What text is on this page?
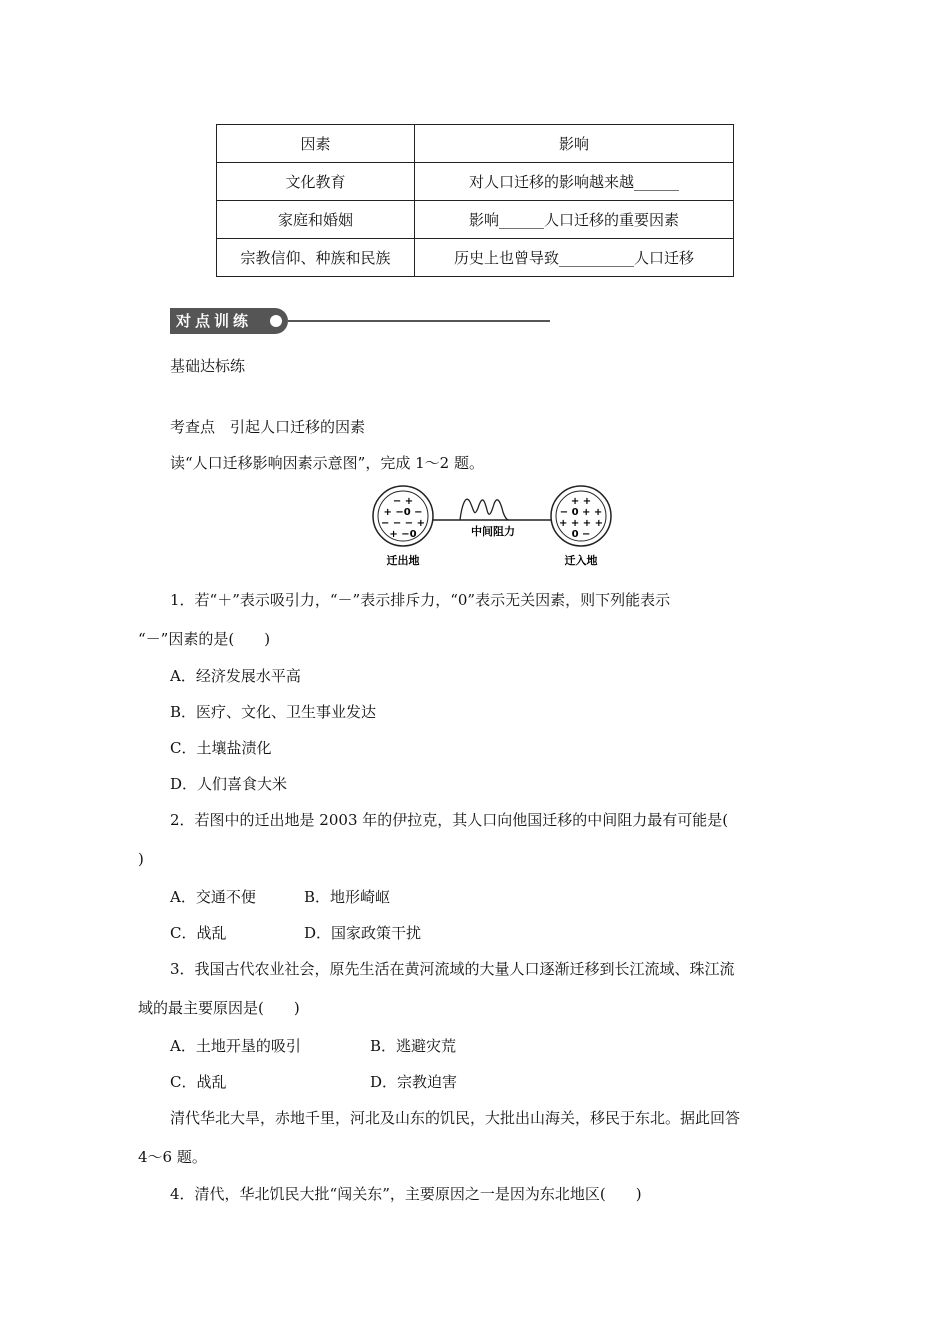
因素	影响
文化教育	对人口迁移的影响越来越______
家庭和婚姻	影响______人口迁移的重要因素
宗教信仰、种族和民族	历史上也曾导致__________人口迁移
对点训练
基础达标练
考查点　引起人口迁移的因素
读“人口迁移影响因素示意图”，完成 1～2 题。
− +
+ −0 −
− − − +
+ −0
+ +
− 0 + +
+ + + +
0 −
中间阻力
迁出地	迁入地
1．若“＋”表示吸引力，“－”表示排斥力，“0”表示无关因素，则下列能表示
“－”因素的是(　　)
A．经济发展水平高
B．医疗、文化、卫生事业发达
C．土壤盐渍化
D．人们喜食大米
2．若图中的迁出地是 2003 年的伊拉克，其人口向他国迁移的中间阻力最有可能是(
)
A．交通不便	B．地形崎岖
C．战乱	D．国家政策干扰
3．我国古代农业社会，原先生活在黄河流域的大量人口逐渐迁移到长江流域、珠江流
域的最主要原因是(　　)
A．土地开垦的吸引	B．逃避灾荒
C．战乱	D．宗教迫害
清代华北大旱，赤地千里，河北及山东的饥民，大批出山海关，移民于东北。据此回答
4～6 题。
4．清代，华北饥民大批“闯关东”，主要原因之一是因为东北地区(　　)
